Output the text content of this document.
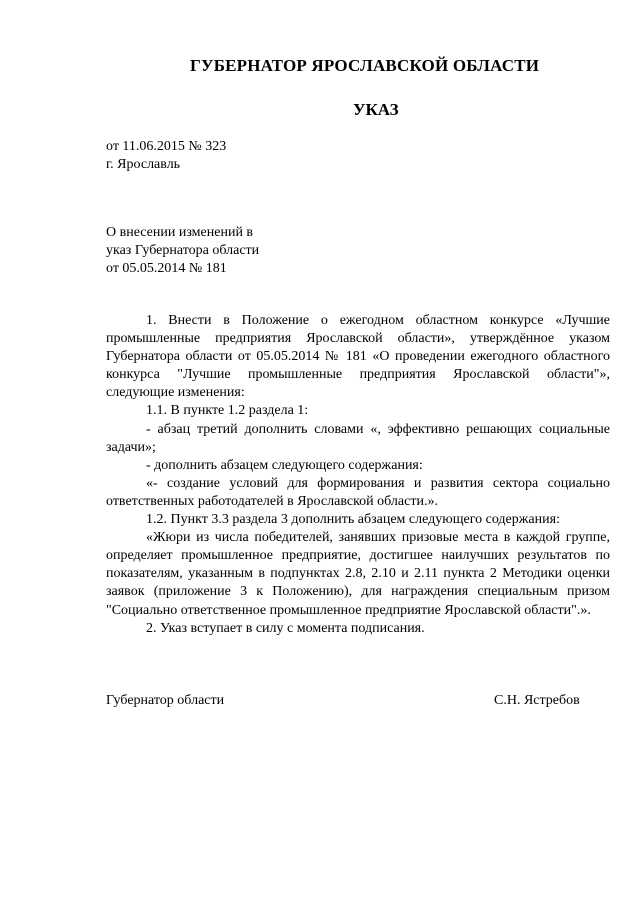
ГУБЕРНАТОР ЯРОСЛАВСКОЙ ОБЛАСТИ
УКАЗ
от 11.06.2015 № 323
г. Ярославль
О внесении изменений в
указ Губернатора области
от 05.05.2014 № 181

1. Внести в Положение о ежегодном областном конкурсе «Лучшие промышленные предприятия Ярославской области», утверждённое указом Губернатора области от 05.05.2014 № 181 «О проведении ежегодного областного конкурса "Лучшие промышленные предприятия Ярославской области"», следующие изменения:

1.1. В пункте 1.2 раздела 1:

- абзац третий дополнить словами «, эффективно решающих социальные задачи»;

- дополнить абзацем следующего содержания:

«- создание условий для формирования и развития сектора социально ответственных работодателей в Ярославской области.».

1.2. Пункт 3.3 раздела 3 дополнить абзацем следующего содержания:

«Жюри из числа победителей, занявших призовые места в каждой группе, определяет промышленное предприятие, достигшее наилучших результатов по показателям, указанным в подпунктах 2.8, 2.10 и 2.11 пункта 2 Методики оценки заявок (приложение 3 к Положению), для награждения специальным призом "Социально ответственное промышленное предприятие Ярославской области".».

2. Указ вступает в силу с момента подписания.

Губернатор области	С.Н. Ястребов
